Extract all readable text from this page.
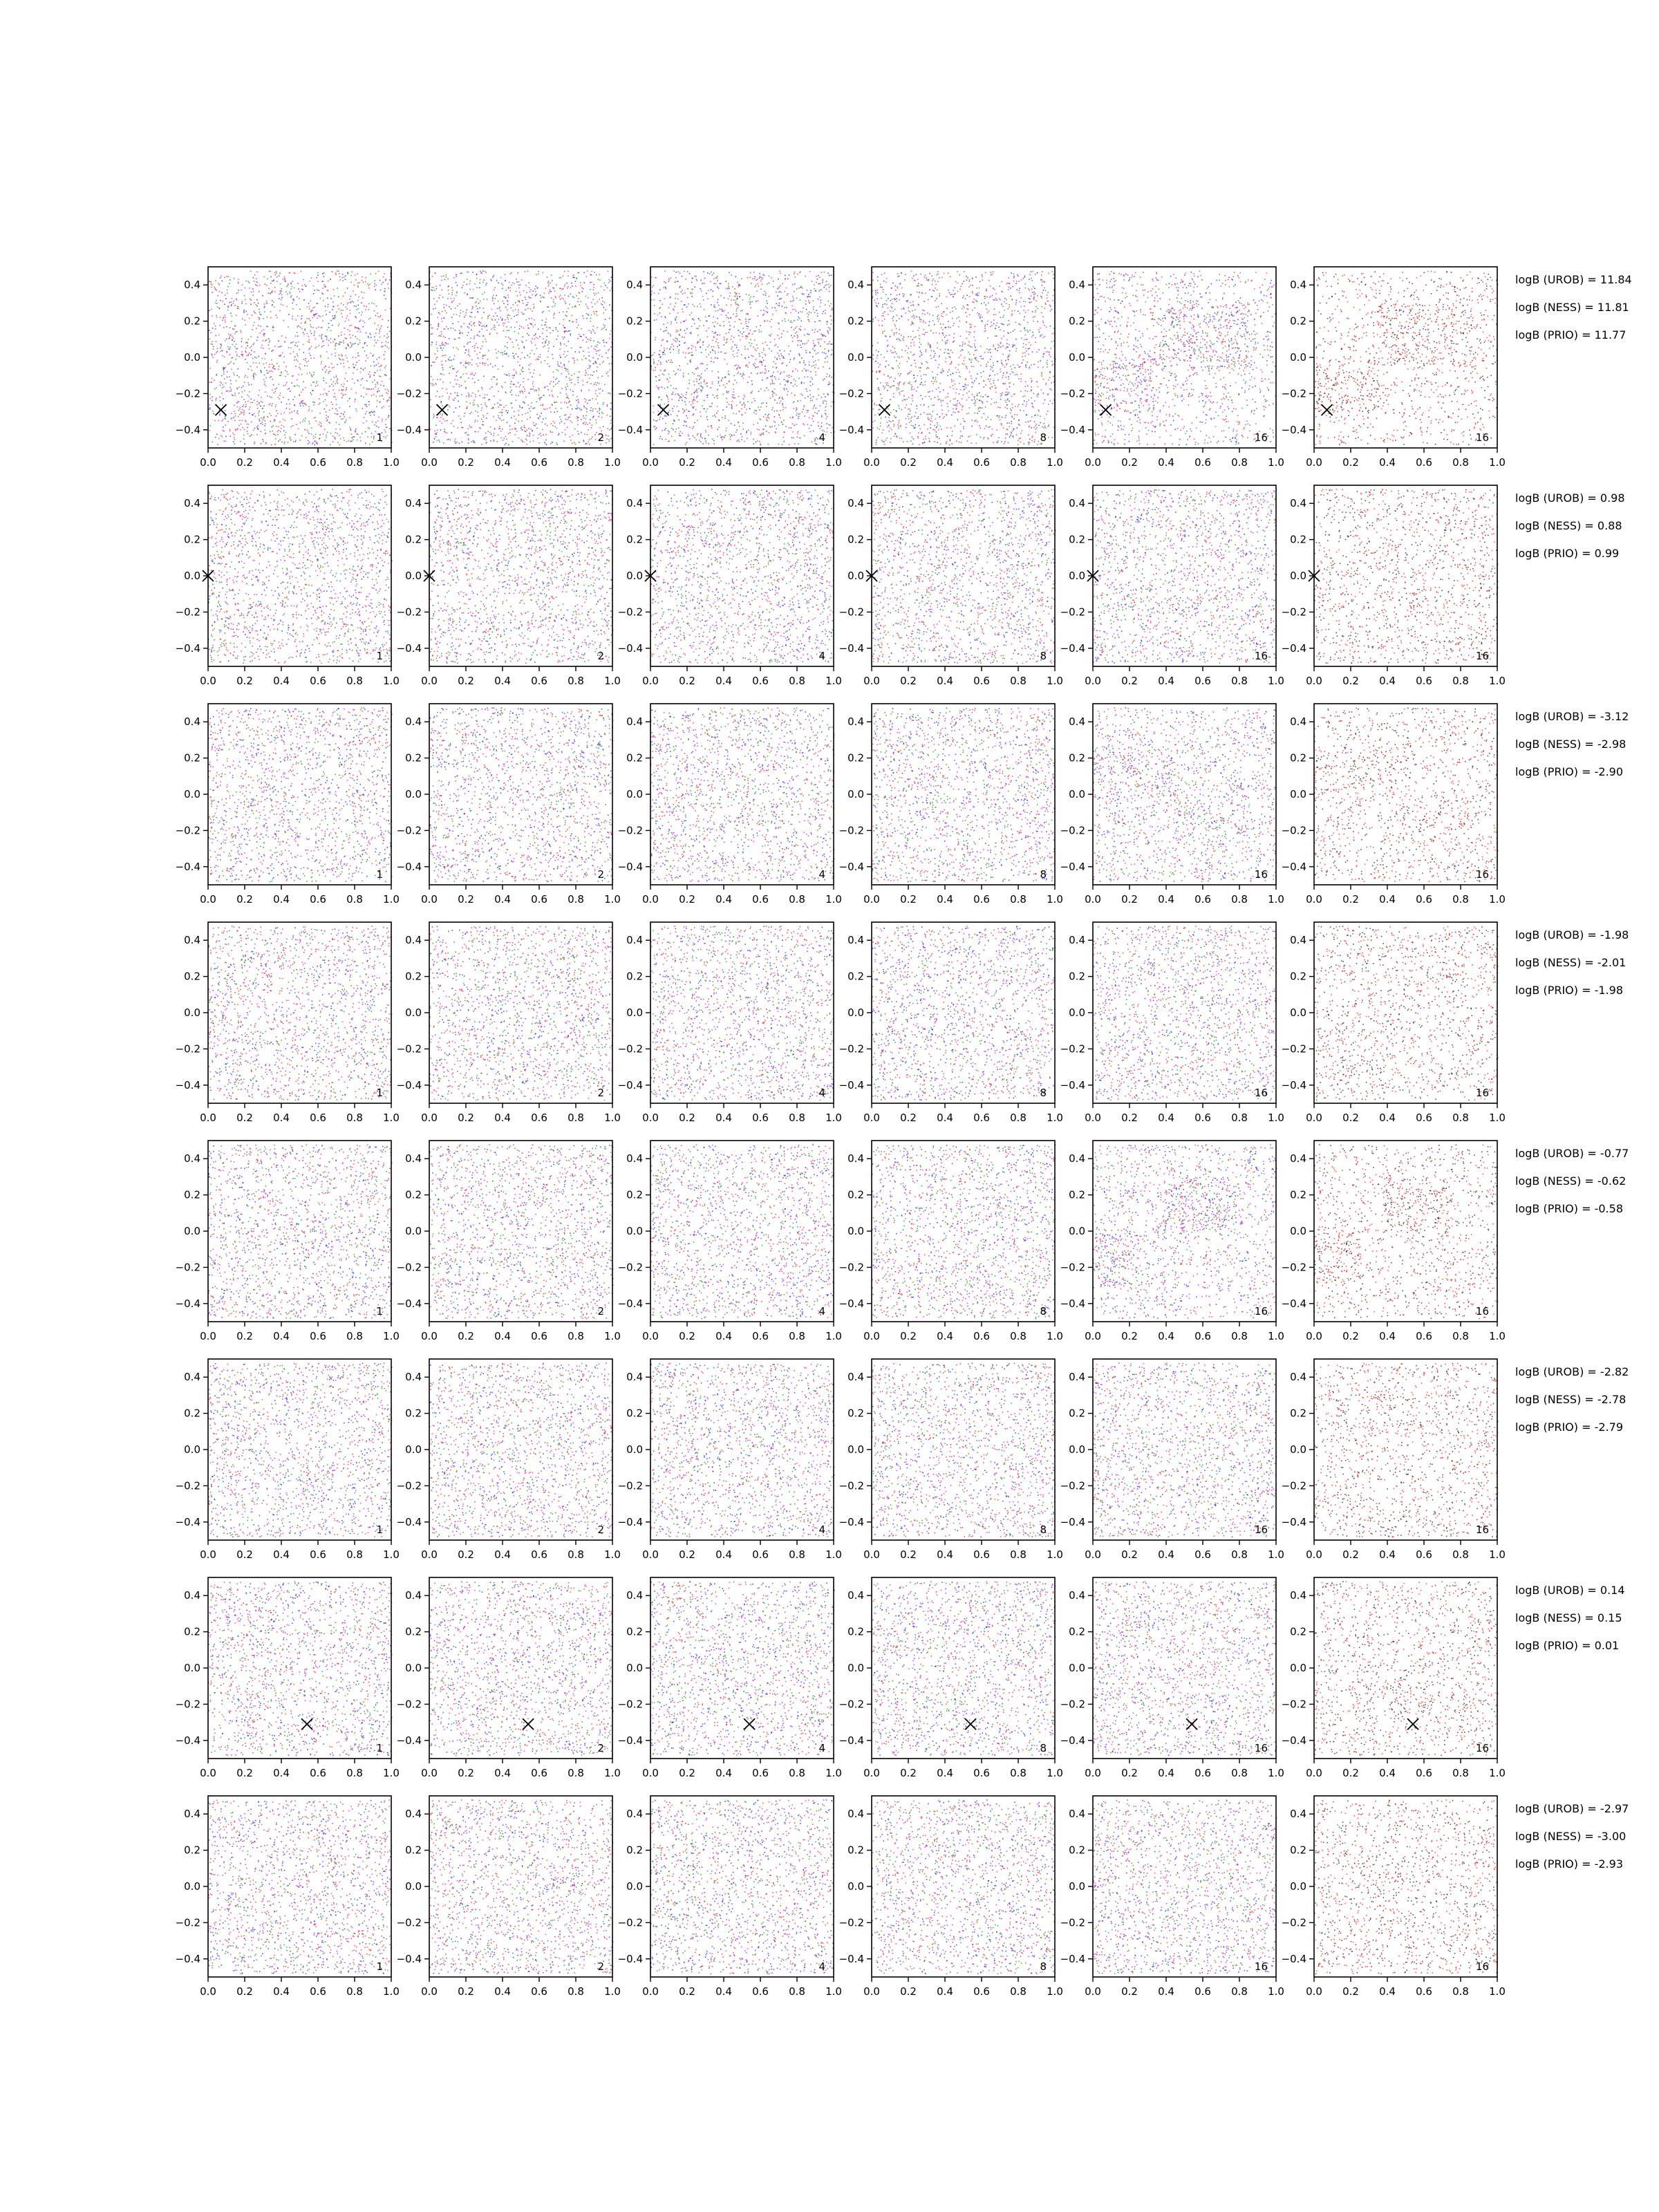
0.0 0.2 0.4 0.6 0.8 1.0
0.4
0.2
0.0
−0.2
−0.4
1
0.0 0.2 0.4 0.6 0.8 1.0
0.4
0.2
0.0
−0.2
−0.4
2
0.0 0.2 0.4 0.6 0.8 1.0
0.4
0.2
0.0
−0.2
−0.4
4
0.0 0.2 0.4 0.6 0.8 1.0
0.4
0.2
0.0
−0.2
−0.4
8
0.0 0.2 0.4 0.6 0.8 1.0
0.4
0.2
0.0
−0.2
−0.4
16
0.0 0.2 0.4 0.6 0.8 1.0
0.4
0.2
0.0
−0.2
−0.4
16
logB (UROB) = 11.84
logB (NESS) = 11.81
logB (PRIO) = 11.77
0.0 0.2 0.4 0.6 0.8 1.0
0.4
0.2
0.0
−0.2
−0.4
1
0.0 0.2 0.4 0.6 0.8 1.0
0.4
0.2
0.0
−0.2
−0.4
2
0.0 0.2 0.4 0.6 0.8 1.0
0.4
0.2
0.0
−0.2
−0.4
4
0.0 0.2 0.4 0.6 0.8 1.0
0.4
0.2
0.0
−0.2
−0.4
8
0.0 0.2 0.4 0.6 0.8 1.0
0.4
0.2
0.0
−0.2
−0.4
16
0.0 0.2 0.4 0.6 0.8 1.0
0.4
0.2
0.0
−0.2
−0.4
16
logB (UROB) = 0.98
logB (NESS) = 0.88
logB (PRIO) = 0.99
0.0 0.2 0.4 0.6 0.8 1.0
0.4
0.2
0.0
−0.2
−0.4
1
0.0 0.2 0.4 0.6 0.8 1.0
0.4
0.2
0.0
−0.2
−0.4
2
0.0 0.2 0.4 0.6 0.8 1.0
0.4
0.2
0.0
−0.2
−0.4
4
0.0 0.2 0.4 0.6 0.8 1.0
0.4
0.2
0.0
−0.2
−0.4
8
0.0 0.2 0.4 0.6 0.8 1.0
0.4
0.2
0.0
−0.2
−0.4
16
0.0 0.2 0.4 0.6 0.8 1.0
0.4
0.2
0.0
−0.2
−0.4
16
logB (UROB) = -3.12
logB (NESS) = -2.98
logB (PRIO) = -2.90
0.0 0.2 0.4 0.6 0.8 1.0
0.4
0.2
0.0
−0.2
−0.4
1
0.0 0.2 0.4 0.6 0.8 1.0
0.4
0.2
0.0
−0.2
−0.4
2
0.0 0.2 0.4 0.6 0.8 1.0
0.4
0.2
0.0
−0.2
−0.4
4
0.0 0.2 0.4 0.6 0.8 1.0
0.4
0.2
0.0
−0.2
−0.4
8
0.0 0.2 0.4 0.6 0.8 1.0
0.4
0.2
0.0
−0.2
−0.4
16
0.0 0.2 0.4 0.6 0.8 1.0
0.4
0.2
0.0
−0.2
−0.4
16
logB (UROB) = -1.98
logB (NESS) = -2.01
logB (PRIO) = -1.98
0.0 0.2 0.4 0.6 0.8 1.0
0.4
0.2
0.0
−0.2
−0.4
1
0.0 0.2 0.4 0.6 0.8 1.0
0.4
0.2
0.0
−0.2
−0.4
2
0.0 0.2 0.4 0.6 0.8 1.0
0.4
0.2
0.0
−0.2
−0.4
4
0.0 0.2 0.4 0.6 0.8 1.0
0.4
0.2
0.0
−0.2
−0.4
8
0.0 0.2 0.4 0.6 0.8 1.0
0.4
0.2
0.0
−0.2
−0.4
16
0.0 0.2 0.4 0.6 0.8 1.0
0.4
0.2
0.0
−0.2
−0.4
16
logB (UROB) = -0.77
logB (NESS) = -0.62
logB (PRIO) = -0.58
0.0 0.2 0.4 0.6 0.8 1.0
0.4
0.2
0.0
−0.2
−0.4
1
0.0 0.2 0.4 0.6 0.8 1.0
0.4
0.2
0.0
−0.2
−0.4
2
0.0 0.2 0.4 0.6 0.8 1.0
0.4
0.2
0.0
−0.2
−0.4
4
0.0 0.2 0.4 0.6 0.8 1.0
0.4
0.2
0.0
−0.2
−0.4
8
0.0 0.2 0.4 0.6 0.8 1.0
0.4
0.2
0.0
−0.2
−0.4
16
0.0 0.2 0.4 0.6 0.8 1.0
0.4
0.2
0.0
−0.2
−0.4
16
logB (UROB) = -2.82
logB (NESS) = -2.78
logB (PRIO) = -2.79
0.0 0.2 0.4 0.6 0.8 1.0
0.4
0.2
0.0
−0.2
−0.4
1
0.0 0.2 0.4 0.6 0.8 1.0
0.4
0.2
0.0
−0.2
−0.4
2
0.0 0.2 0.4 0.6 0.8 1.0
0.4
0.2
0.0
−0.2
−0.4
4
0.0 0.2 0.4 0.6 0.8 1.0
0.4
0.2
0.0
−0.2
−0.4
8
0.0 0.2 0.4 0.6 0.8 1.0
0.4
0.2
0.0
−0.2
−0.4
16
0.0 0.2 0.4 0.6 0.8 1.0
0.4
0.2
0.0
−0.2
−0.4
16
logB (UROB) = 0.14
logB (NESS) = 0.15
logB (PRIO) = 0.01
0.0 0.2 0.4 0.6 0.8 1.0
0.4
0.2
0.0
−0.2
−0.4
1
0.0 0.2 0.4 0.6 0.8 1.0
0.4
0.2
0.0
−0.2
−0.4
2
0.0 0.2 0.4 0.6 0.8 1.0
0.4
0.2
0.0
−0.2
−0.4
4
0.0 0.2 0.4 0.6 0.8 1.0
0.4
0.2
0.0
−0.2
−0.4
8
0.0 0.2 0.4 0.6 0.8 1.0
0.4
0.2
0.0
−0.2
−0.4
16
0.0 0.2 0.4 0.6 0.8 1.0
0.4
0.2
0.0
−0.2
−0.4
16
logB (UROB) = -2.97
logB (NESS) = -3.00
logB (PRIO) = -2.93
